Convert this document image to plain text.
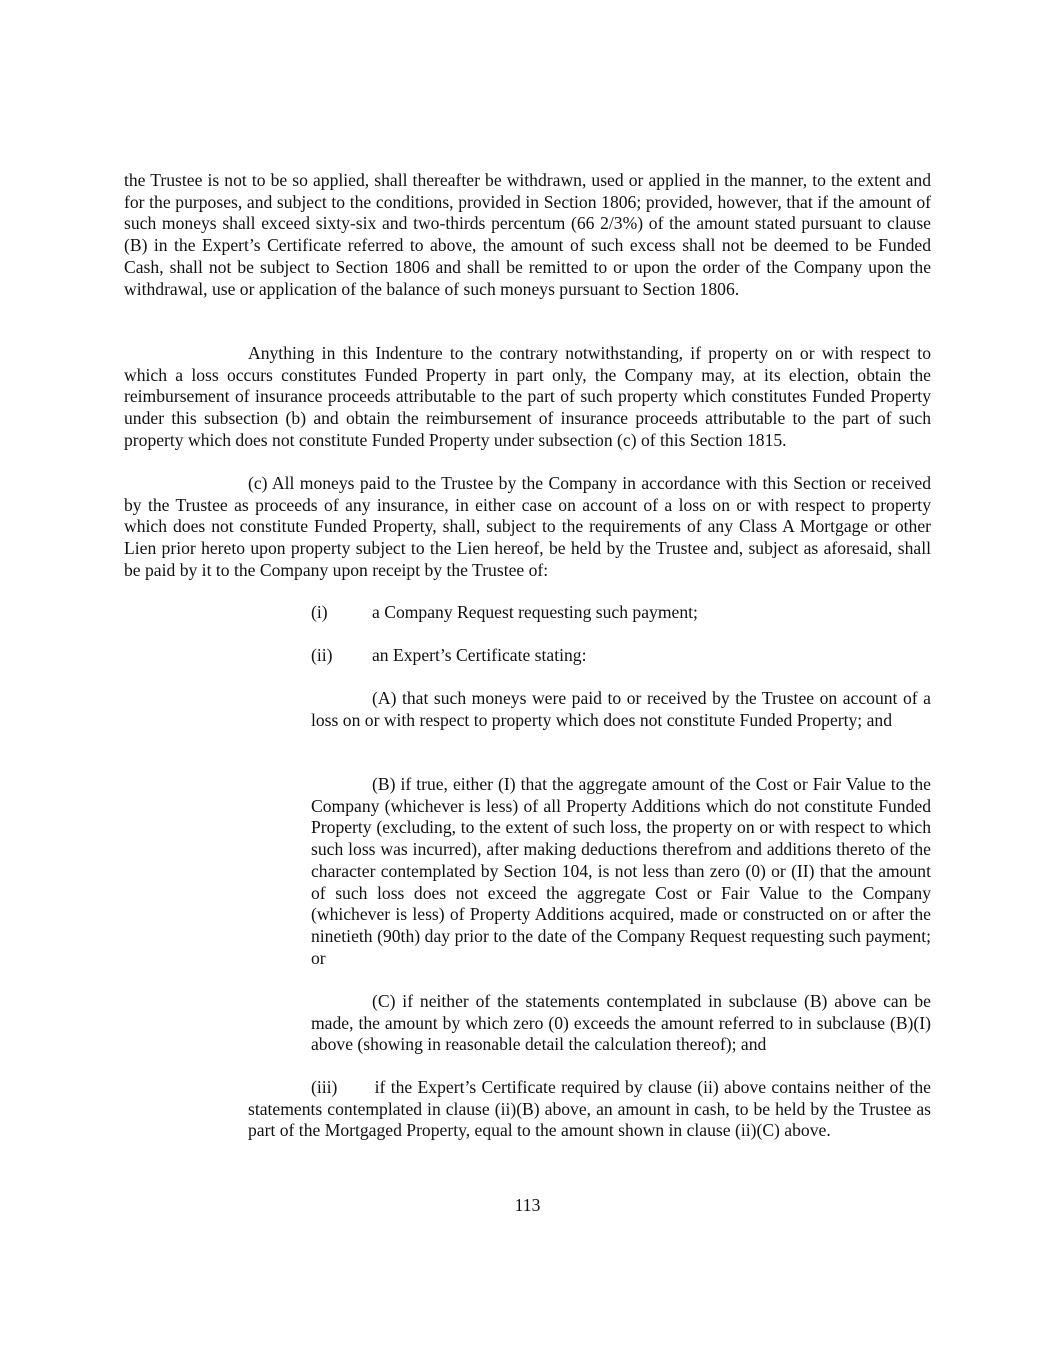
the Trustee is not to be so applied, shall thereafter be withdrawn, used or applied in the manner, to the extent and for the purposes, and subject to the conditions, provided in Section 1806; provided, however, that if the amount of such moneys shall exceed sixty-six and two-thirds percentum (66 2/3%) of the amount stated pursuant to clause (B) in the Expert’s Certificate referred to above, the amount of such excess shall not be deemed to be Funded Cash, shall not be subject to Section 1806 and shall be remitted to or upon the order of the Company upon the withdrawal, use or application of the balance of such moneys pursuant to Section 1806.

Anything in this Indenture to the contrary notwithstanding, if property on or with respect to which a loss occurs constitutes Funded Property in part only, the Company may, at its election, obtain the reimbursement of insurance proceeds attributable to the part of such property which constitutes Funded Property under this subsection (b) and obtain the reimbursement of insurance proceeds attributable to the part of such property which does not constitute Funded Property under subsection (c) of this Section 1815.

(c) All moneys paid to the Trustee by the Company in accordance with this Section or received by the Trustee as proceeds of any insurance, in either case on account of a loss on or with respect to property which does not constitute Funded Property, shall, subject to the requirements of any Class A Mortgage or other Lien prior hereto upon property subject to the Lien hereof, be held by the Trustee and, subject as aforesaid, shall be paid by it to the Company upon receipt by the Trustee of:

(i)	a Company Request requesting such payment;
(ii) an Expert’s Certificate stating:

(A) that such moneys were paid to or received by the Trustee on account of a loss on or with respect to property which does not constitute Funded Property; and

(B) if true, either (I) that the aggregate amount of the Cost or Fair Value to the Company (whichever is less) of all Property Additions which do not constitute Funded Property (excluding, to the extent of such loss, the property on or with respect to which such loss was incurred), after making deductions therefrom and additions thereto of the character contemplated by Section 104, is not less than zero (0) or (II) that the amount of such loss does not exceed the aggregate Cost or Fair Value to the Company (whichever is less) of Property Additions acquired, made or constructed on or after the ninetieth (90th) day prior to the date of the Company Request requesting such payment; or

(C) if neither of the statements contemplated in subclause (B) above can be made, the amount by which zero (0) exceeds the amount referred to in subclause (B)(I) above (showing in reasonable detail the calculation thereof); and

(iii)       if the Expert’s Certificate required by clause (ii) above contains neither of the statements contemplated in clause (ii)(B) above, an amount in cash, to be held by the Trustee as part of the Mortgaged Property, equal to the amount shown in clause (ii)(C) above.

113
